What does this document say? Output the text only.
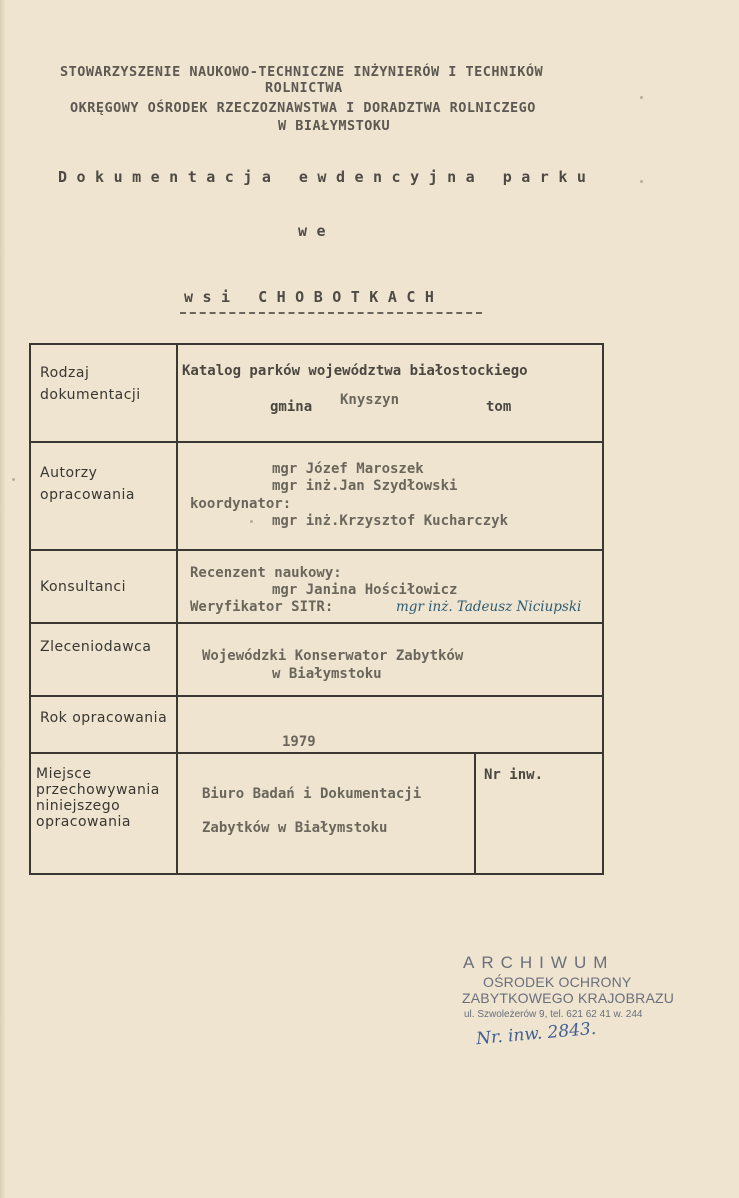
STOWARZYSZENIE NAUKOWO-TECHNICZNE INŻYNIERÓW I TECHNIKÓW
ROLNICTWA
OKRĘGOWY OŚRODEK RZECZOZNAWSTWA I DORADZTWA ROLNICZEGO
W BIAŁYMSTOKU
Dokumentacja ewdencyjna parku
we
wsi CHOBOTKACH
Rodzaj dokumentacji
Katalog parków województwa białostockiego
gmina Knyszyn	tom
Autorzy opracowania
mgr Józef Maroszek
mgr inż.Jan Szydłowski
koordynator:
mgr inż.Krzysztof Kucharczyk
Konsultanci
Recenzent naukowy:
mgr Janina Hościłowicz
Weryfikator SITR:	mgr inż. Tadeusz Niciupski
Zleceniodawca
Wojewódzki Konserwator Zabytków
w Białymstoku
Rok opracowania
1979
Miejsce przechowywania niniejszego opracowania
Biuro Badań i Dokumentacji
Zabytków w Białymstoku
Nr inw.
ARCHIWUM
OŚRODEK OCHRONY
ZABYTKOWEGO KRAJOBRAZU
ul. Szwoleżerów 9, tel. 621 62 41 w. 244
Nr. inw. 2843.
